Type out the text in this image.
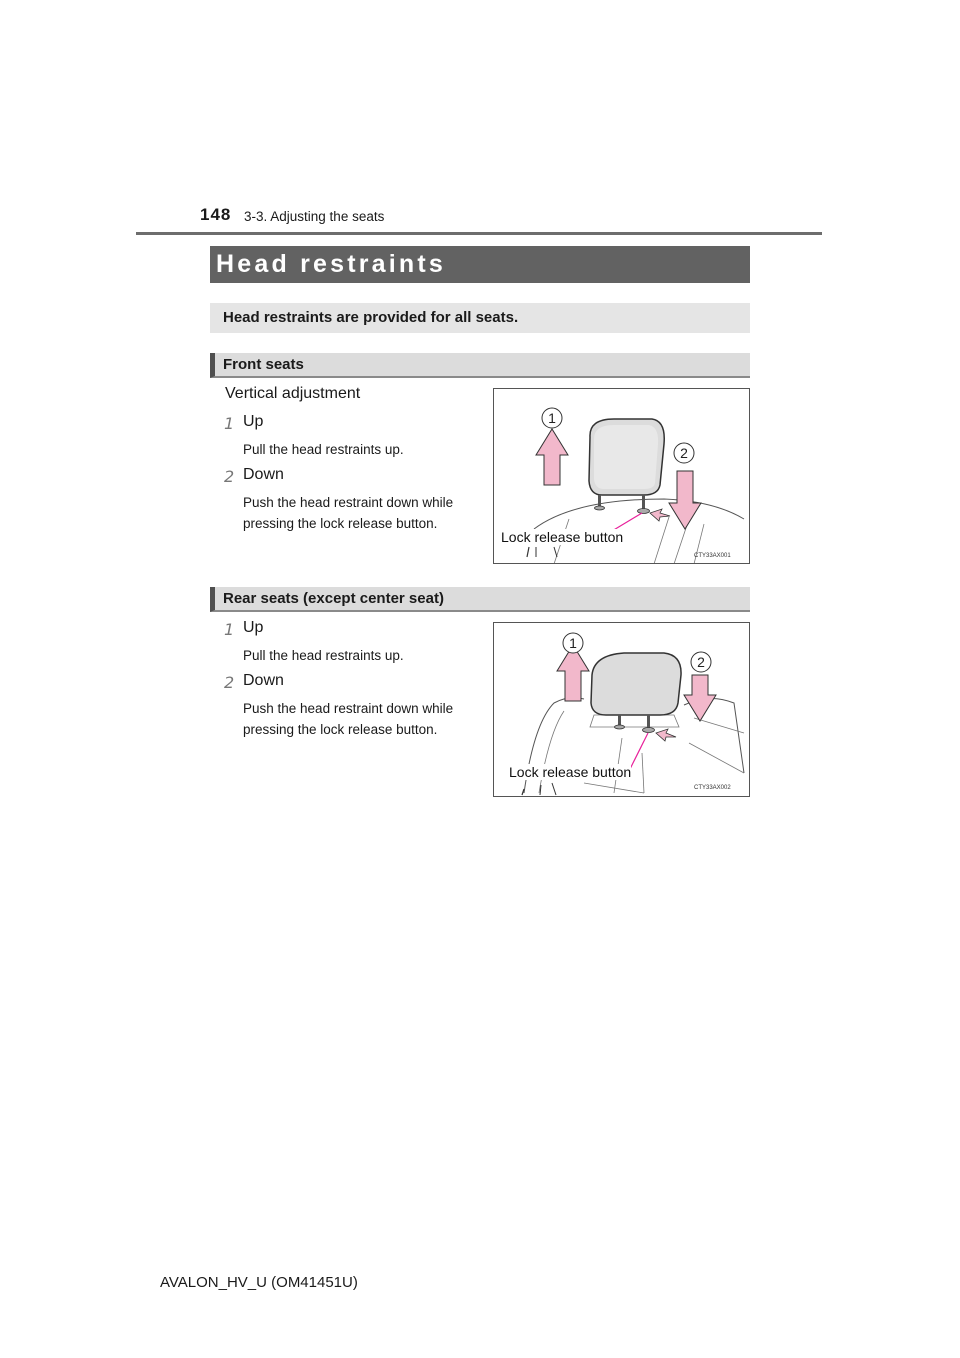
148 3-3. Adjusting the seats
Head restraints
Head restraints are provided for all seats.
Front seats
Vertical adjustment
1 Up
Pull the head restraints up.
2 Down
Push the head restraint down while
pressing the lock release button.
1
2
Lock release button
CTY33AX001
Rear seats (except center seat)
1 Up
Pull the head restraints up.
2 Down
Push the head restraint down while
pressing the lock release button.
1
2
Lock release button
CTY33AX002
AVALON_HV_U (OM41451U)
